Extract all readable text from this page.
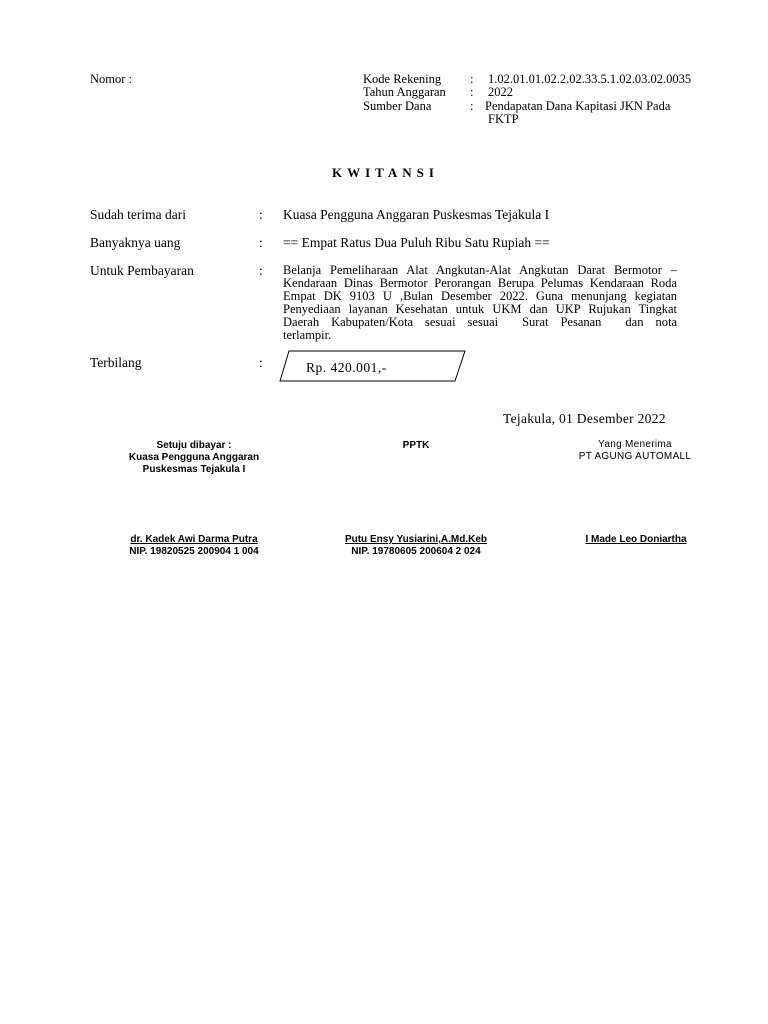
Nomor :	Kode Rekening : 1.02.01.01.02.2.02.33.5.1.02.03.02.0035
Tahun Anggaran : 2022
Sumber Dana	: Pendapatan Dana Kapitasi JKN Pada
FKTP
KWITANSI
Sudah terima dari	: Kuasa Pengguna Anggaran Puskesmas Tejakula I
Banyaknya uang	: == Empat Ratus Dua Puluh Ribu Satu Rupiah ==
Untuk Pembayaran	: Belanja Pemeliharaan Alat Angkutan-Alat Angkutan Darat Bermotor –
Kendaraan Dinas Bermotor Perorangan Berupa Pelumas Kendaraan Roda
Empat DK 9103 U ,Bulan Desember 2022. Guna menunjang kegiatan
Penyediaan layanan Kesehatan untuk UKM dan UKP Rujukan Tingkat
Daerah Kabupaten/Kota sesuai sesuai  Surat Pesanan  dan nota
terlampir.
Terbilang	:	Rp. 420.001,-
Tejakula, 01 Desember 2022
Setuju dibayar :
Kuasa Pengguna Anggaran
Puskesmas Tejakula I
PPTK	Yang Menerima
PT AGUNG AUTOMALL
dr. Kadek Awi Darma Putra
NIP. 19820525 200904 1 004
Putu Ensy Yusiarini,A.Md.Keb
NIP. 19780605 200604 2 024
I Made Leo Doniartha
